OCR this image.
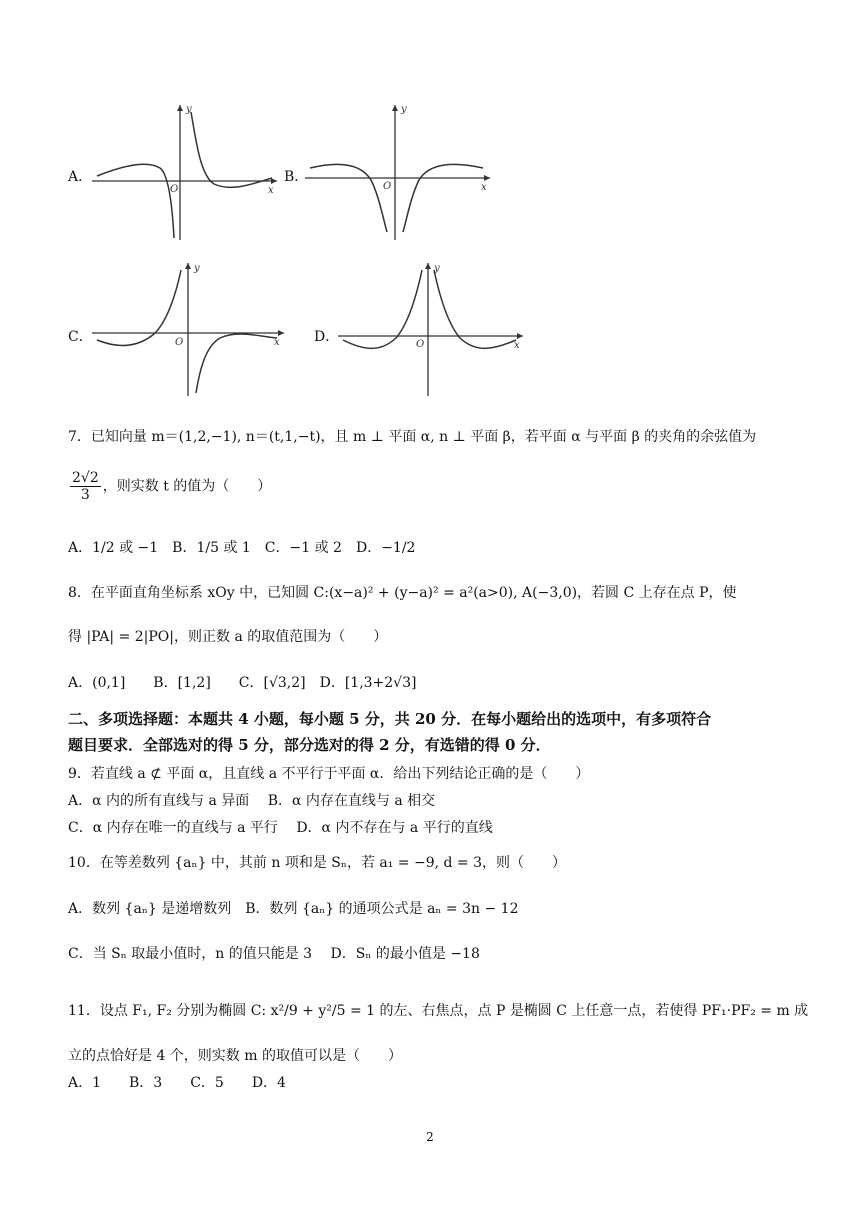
A．
y
x
O
B．
y
x
O
C．
y
x
O	D．
y
x
O
7．已知向量 m＝(1,2,−1), n＝(t,1,−t)，且 m ⊥ 平面 α, n ⊥ 平面 β，若平面 α 与平面 β 的夹角的余弦值为
$\frac{2√2}{3}$ ，则实数 t 的值为（　　）
A．1/2 或 −1　B．1/5 或 1　C．−1 或 2　D．−1/2
8．在平面直角坐标系 xOy 中，已知圆 C:(x−a)² + (y−a)² = a²(a>0), A(−3,0)，若圆 C 上存在点 P，使
得 |PA| = 2|PO|，则正数 a 的取值范围为（　　）
A．(0,1]　　B．[1,2]　　C．[√3,2]　D．[1,3+2√3]
二、多项选择题：本题共 4 小题，每小题 5 分，共 20 分．在每小题给出的选项中，有多项符合
题目要求．全部选对的得 5 分，部分选对的得 2 分，有选错的得 0 分．
9．若直线 a ⊄ 平面 α，且直线 a 不平行于平面 α．给出下列结论正确的是（　　）
A．α 内的所有直线与 a 异面　 B．α 内存在直线与 a 相交
C．α 内存在唯一的直线与 a 平行　 D．α 内不存在与 a 平行的直线
10．在等差数列 {aₙ} 中，其前 n 项和是 Sₙ，若 a₁ = −9, d = 3，则（　　）
A．数列 {aₙ} 是递增数列　B．数列 {aₙ} 的通项公式是 aₙ = 3n − 12
C．当 Sₙ 取最小值时，n 的值只能是 3　 D．Sₙ 的最小值是 −18
11．设点 F₁, F₂ 分别为椭圆 C: x²/9 + y²/5 = 1 的左、右焦点，点 P 是椭圆 C 上任意一点，若使得 PF₁·PF₂ = m 成
立的点恰好是 4 个，则实数 m 的取值可以是（　　）
A．1　　B．3　　C．5　　D．4
2
